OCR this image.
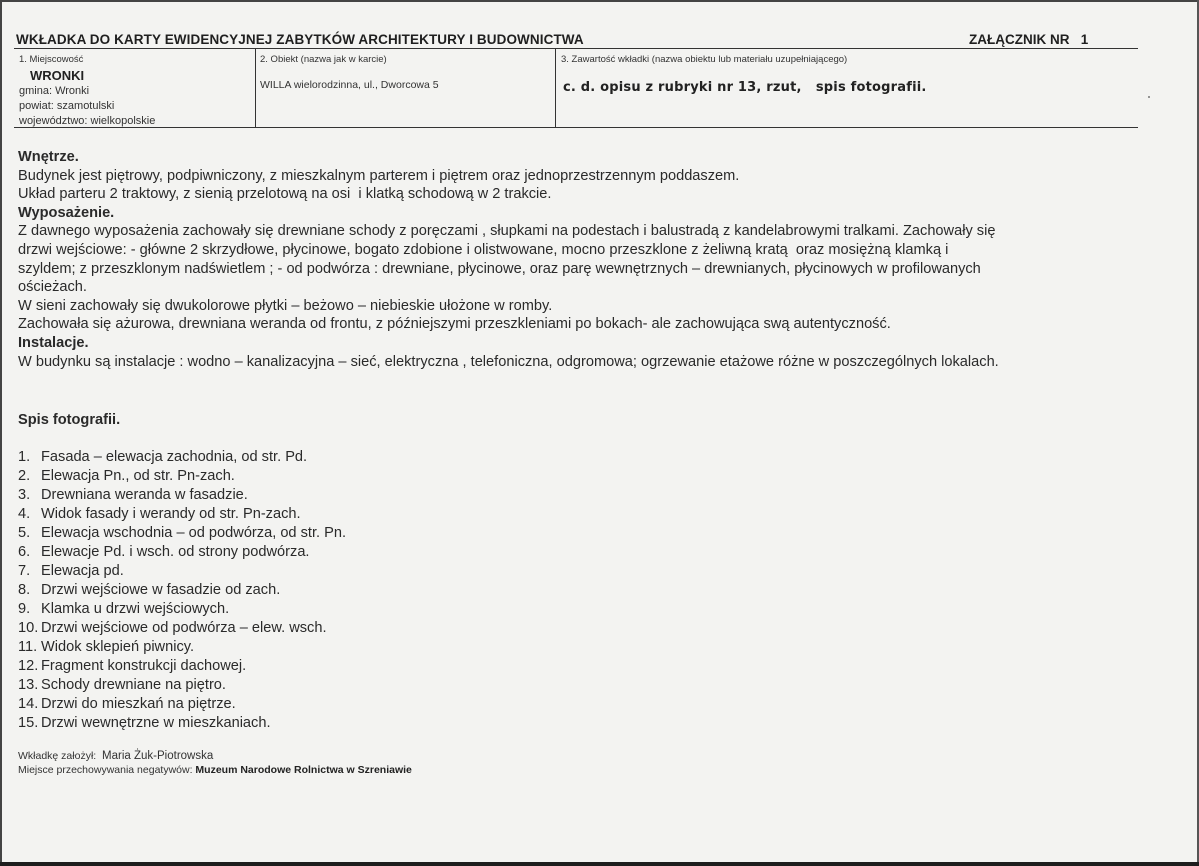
WKŁADKA DO KARTY EWIDENCYJNEJ ZABYTKÓW ARCHITEKTURY I BUDOWNICTWA	ZAŁĄCZNIK NR   1
1. Miejscowość
WRONKI
gmina: Wronki
powiat: szamotulski
województwo: wielkopolskie
2. Obiekt (nazwa jak w karcie)
WILLA wielorodzinna, ul., Dworcowa 5
3. Zawartość wkładki (nazwa obiektu lub materiału uzupełniającego)
c. d. opisu z rubryki nr 13, rzut,   spis fotografii.

Wnętrze.

Budynek jest piętrowy, podpiwniczony, z mieszkalnym parterem i piętrem oraz jednoprzestrzennym poddaszem.

Układ parteru 2 traktowy, z sienią przelotową na osi  i klatką schodową w 2 trakcie.

Wyposażenie.

Z dawnego wyposażenia zachowały się drewniane schody z poręczami , słupkami na podestach i balustradą z kandelabrowymi tralkami. Zachowały się

drzwi wejściowe: - główne 2 skrzydłowe, płycinowe, bogato zdobione i olistwowane, mocno przeszklone z żeliwną kratą  oraz mosiężną klamką i

szyldem; z przeszklonym nadświetlem ; - od podwórza : drewniane, płycinowe, oraz parę wewnętrznych – drewnianych, płycinowych w profilowanych

ościeżach.

W sieni zachowały się dwukolorowe płytki – beżowo – niebieskie ułożone w romby.

Zachowała się ażurowa, drewniana weranda od frontu, z późniejszymi przeszkleniami po bokach- ale zachowująca swą autentyczność.

Instalacje.

W budynku są instalacje : wodno – kanalizacyjna – sieć, elektryczna , telefoniczna, odgromowa; ogrzewanie etażowe różne w poszczególnych lokalach.

Spis fotografii.
1. Fasada – elewacja zachodnia, od str. Pd.
2. Elewacja Pn., od str. Pn-zach.
3. Drewniana weranda w fasadzie.
4. Widok fasady i werandy od str. Pn-zach.
5. Elewacja wschodnia – od podwórza, od str. Pn.
6. Elewacje Pd. i wsch. od strony podwórza.
7. Elewacja pd.
8. Drzwi wejściowe w fasadzie od zach.
9. Klamka u drzwi wejściowych.
10. Drzwi wejściowe od podwórza – elew. wsch.
11. Widok sklepień piwnicy.
12. Fragment konstrukcji dachowej.
13. Schody drewniane na piętro.
14. Drzwi do mieszkań na piętrze.
15. Drzwi wewnętrzne w mieszkaniach.
Wkładkę założył: Maria Żuk-Piotrowska
Miejsce przechowywania negatywów: Muzeum Narodowe Rolnictwa w Szreniawie
